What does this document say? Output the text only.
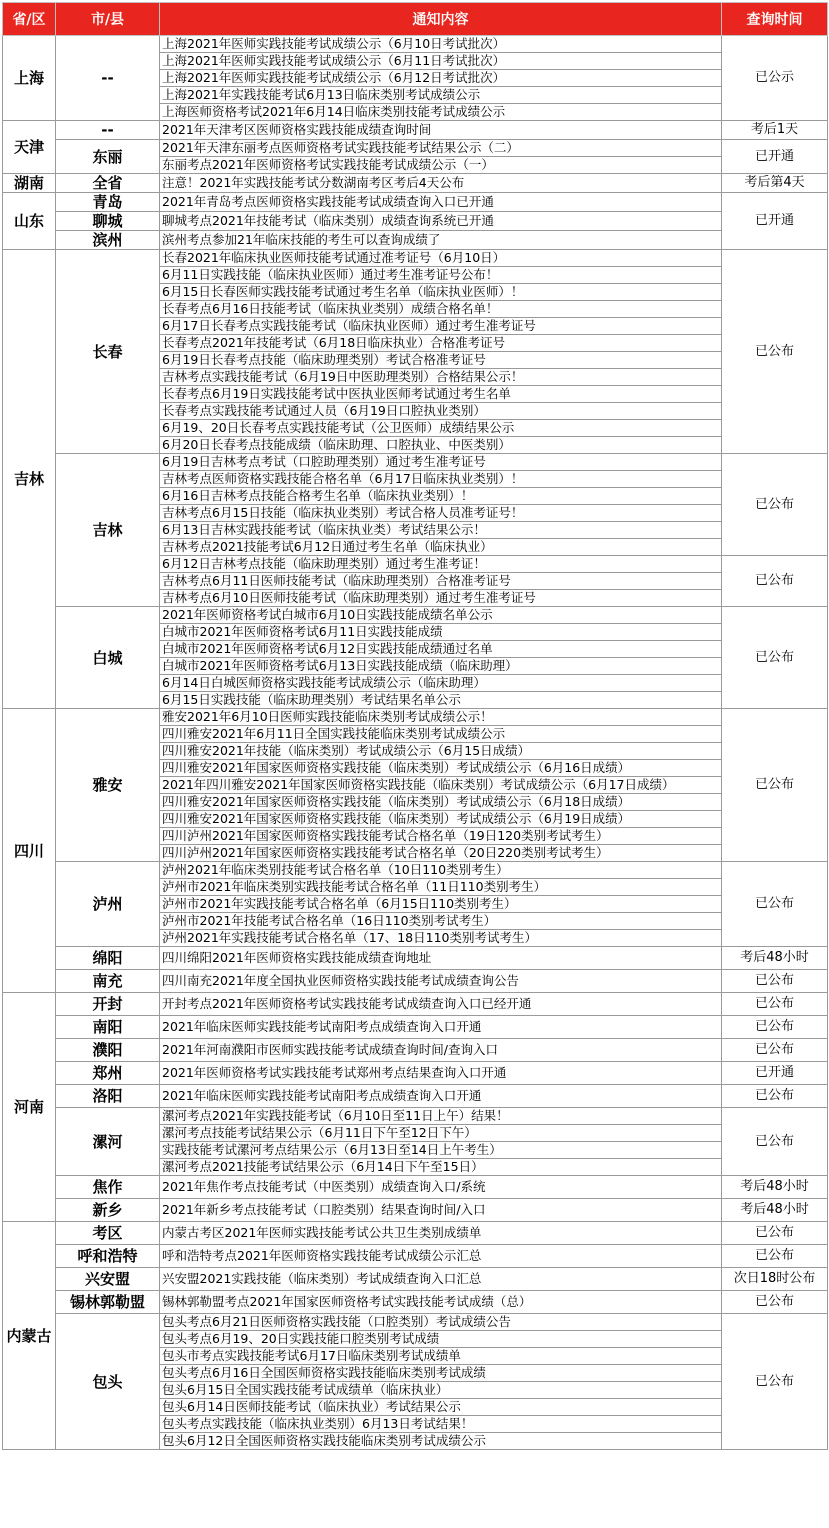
省/区	市/县	通知内容	查询时间
上海	--	上海2021年医师实践技能考试成绩公示（6月10日考试批次）	已公示
		上海2021年医师实践技能考试成绩公示（6月11日考试批次）	
		上海2021年医师实践技能考试成绩公示（6月12日考试批次）	
		上海2021年实践技能考试6月13日临床类别考试成绩公示	
		上海医师资格考试2021年6月14日临床类别技能考试成绩公示	
天津	--	2021年天津考区医师资格实践技能成绩查询时间	考后1天
	东丽	2021年天津东丽考点医师资格考试实践技能考试结果公示（二）	已开通
		东丽考点2021年医师资格考试实践技能考试成绩公示（一）	
湖南	全省	注意！2021年实践技能考试分数湖南考区考后4天公布	考后第4天
山东	青岛	2021年青岛考点医师资格实践技能考试成绩查询入口已开通	已开通
	聊城	聊城考点2021年技能考试（临床类别）成绩查询系统已开通	
	滨州	滨州考点参加21年临床技能的考生可以查询成绩了	
吉林	长春	长春2021年临床执业医师技能考试通过准考证号（6月10日）	已公布
		6月11日实践技能（临床执业医师）通过考生准考证号公布！	
		6月15日长春医师实践技能考试通过考生名单（临床执业医师）！	
		长春考点6月16日技能考试（临床执业类别）成绩合格名单！	
		6月17日长春考点实践技能考试（临床执业医师）通过考生准考证号	
		长春考点2021年技能考试（6月18日临床执业）合格准考证号	
		6月19日长春考点技能（临床助理类别）考试合格准考证号	
		吉林考点实践技能考试（6月19日中医助理类别）合格结果公示！	
		长春考点6月19日实践技能考试中医执业医师考试通过考生名单	
		长春考点实践技能考试通过人员（6月19日口腔执业类别）	
		6月19、20日长春考点实践技能考试（公卫医师）成绩结果公示	
		6月20日长春考点技能成绩（临床助理、口腔执业、中医类别）	
	吉林	6月19日吉林考点考试（口腔助理类别）通过考生准考证号	已公布
		吉林考点医师资格实践技能合格名单（6月17日临床执业类别）！	
		6月16日吉林考点技能合格考生名单（临床执业类别）！	
		吉林考点6月15日技能（临床执业类别）考试合格人员准考证号！	
		6月13日吉林实践技能考试（临床执业类）考试结果公示！	
		吉林考点2021技能考试6月12日通过考生名单（临床执业）	
		6月12日吉林考点技能（临床助理类别）通过考生准考证！	已公布
		吉林考点6月11日医师技能考试（临床助理类别）合格准考证号	
		吉林考点6月10日医师技能考试（临床助理类别）通过考生准考证号	
	白城	2021年医师资格考试白城市6月10日实践技能成绩名单公示	已公布
		白城市2021年医师资格考试6月11日实践技能成绩	
		白城市2021年医师资格考试6月12日实践技能成绩通过名单	
		白城市2021年医师资格考试6月13日实践技能成绩（临床助理）	
		6月14日白城医师资格实践技能考试成绩公示（临床助理）	
		6月15日实践技能（临床助理类别）考试结果名单公示	
四川	雅安	雅安2021年6月10日医师实践技能临床类别考试成绩公示！	已公布
		四川雅安2021年6月11日全国实践技能临床类别考试成绩公示	
		四川雅安2021年技能（临床类别）考试成绩公示（6月15日成绩）	
		四川雅安2021年国家医师资格实践技能（临床类别）考试成绩公示（6月16日成绩）	
		2021年四川雅安2021年国家医师资格实践技能（临床类别）考试成绩公示（6月17日成绩）	
		四川雅安2021年国家医师资格实践技能（临床类别）考试成绩公示（6月18日成绩）	
		四川雅安2021年国家医师资格实践技能（临床类别）考试成绩公示（6月19日成绩）	
		四川泸州2021年国家医师资格实践技能考试合格名单（19日120类别考试考生）	
		四川泸州2021年国家医师资格实践技能考试合格名单（20日220类别考试考生）	
	泸州	泸州2021年临床类别技能考试合格名单（10日110类别考生）	已公布
		泸州市2021年临床类别实践技能考试合格名单（11日110类别考生）	
		泸州市2021年实践技能考试合格名单（6月15日110类别考生）	
		泸州市2021年技能考试合格名单（16日110类别考试考生）	
		泸州2021年实践技能考试合格名单（17、18日110类别考试考生）	
	绵阳	四川绵阳2021年医师资格实践技能成绩查询地址	考后48小时
	南充	四川南充2021年度全国执业医师资格实践技能考试成绩查询公告	已公布
河南	开封	开封考点2021年医师资格考试实践技能考试成绩查询入口已经开通	已公布
	南阳	2021年临床医师实践技能考试南阳考点成绩查询入口开通	已公布
	濮阳	2021年河南濮阳市医师实践技能考试成绩查询时间/查询入口	已公布
	郑州	2021年医师资格考试实践技能考试郑州考点结果查询入口开通	已开通
	洛阳	2021年临床医师实践技能考试南阳考点成绩查询入口开通	已公布
	漯河	漯河考点2021年实践技能考试（6月10日至11日上午）结果！	已公布
		漯河考点技能考试结果公示（6月11日下午至12日下午）	
		实践技能考试漯河考点结果公示（6月13日至14日上午考生）	
		漯河考点2021技能考试结果公示（6月14日下午至15日）	
	焦作	2021年焦作考点技能考试（中医类别）成绩查询入口/系统	考后48小时
	新乡	2021年新乡考点技能考试（口腔类别）结果查询时间/入口	考后48小时
内蒙古	考区	内蒙古考区2021年医师实践技能考试公共卫生类别成绩单	已公布
	呼和浩特	呼和浩特考点2021年医师资格实践技能考试成绩公示汇总	已公布
	兴安盟	兴安盟2021实践技能（临床类别）考试成绩查询入口汇总	次日18时公布
	锡林郭勒盟	锡林郭勒盟考点2021年国家医师资格考试实践技能考试成绩（总）	已公布
	包头	包头考点6月21日医师资格实践技能（口腔类别）考试成绩公告	已公布
		包头考点6月19、20日实践技能口腔类别考试成绩	
		包头市考点实践技能考试6月17日临床类别考试成绩单	
		包头考点6月16日全国医师资格实践技能临床类别考试成绩	
		包头6月15日全国实践技能考试成绩单（临床执业）	
		包头6月14日医师技能考试（临床执业）考试结果公示	
		包头考点实践技能（临床执业类别）6月13日考试结果！	
		包头6月12日全国医师资格实践技能临床类别考试成绩公示	
